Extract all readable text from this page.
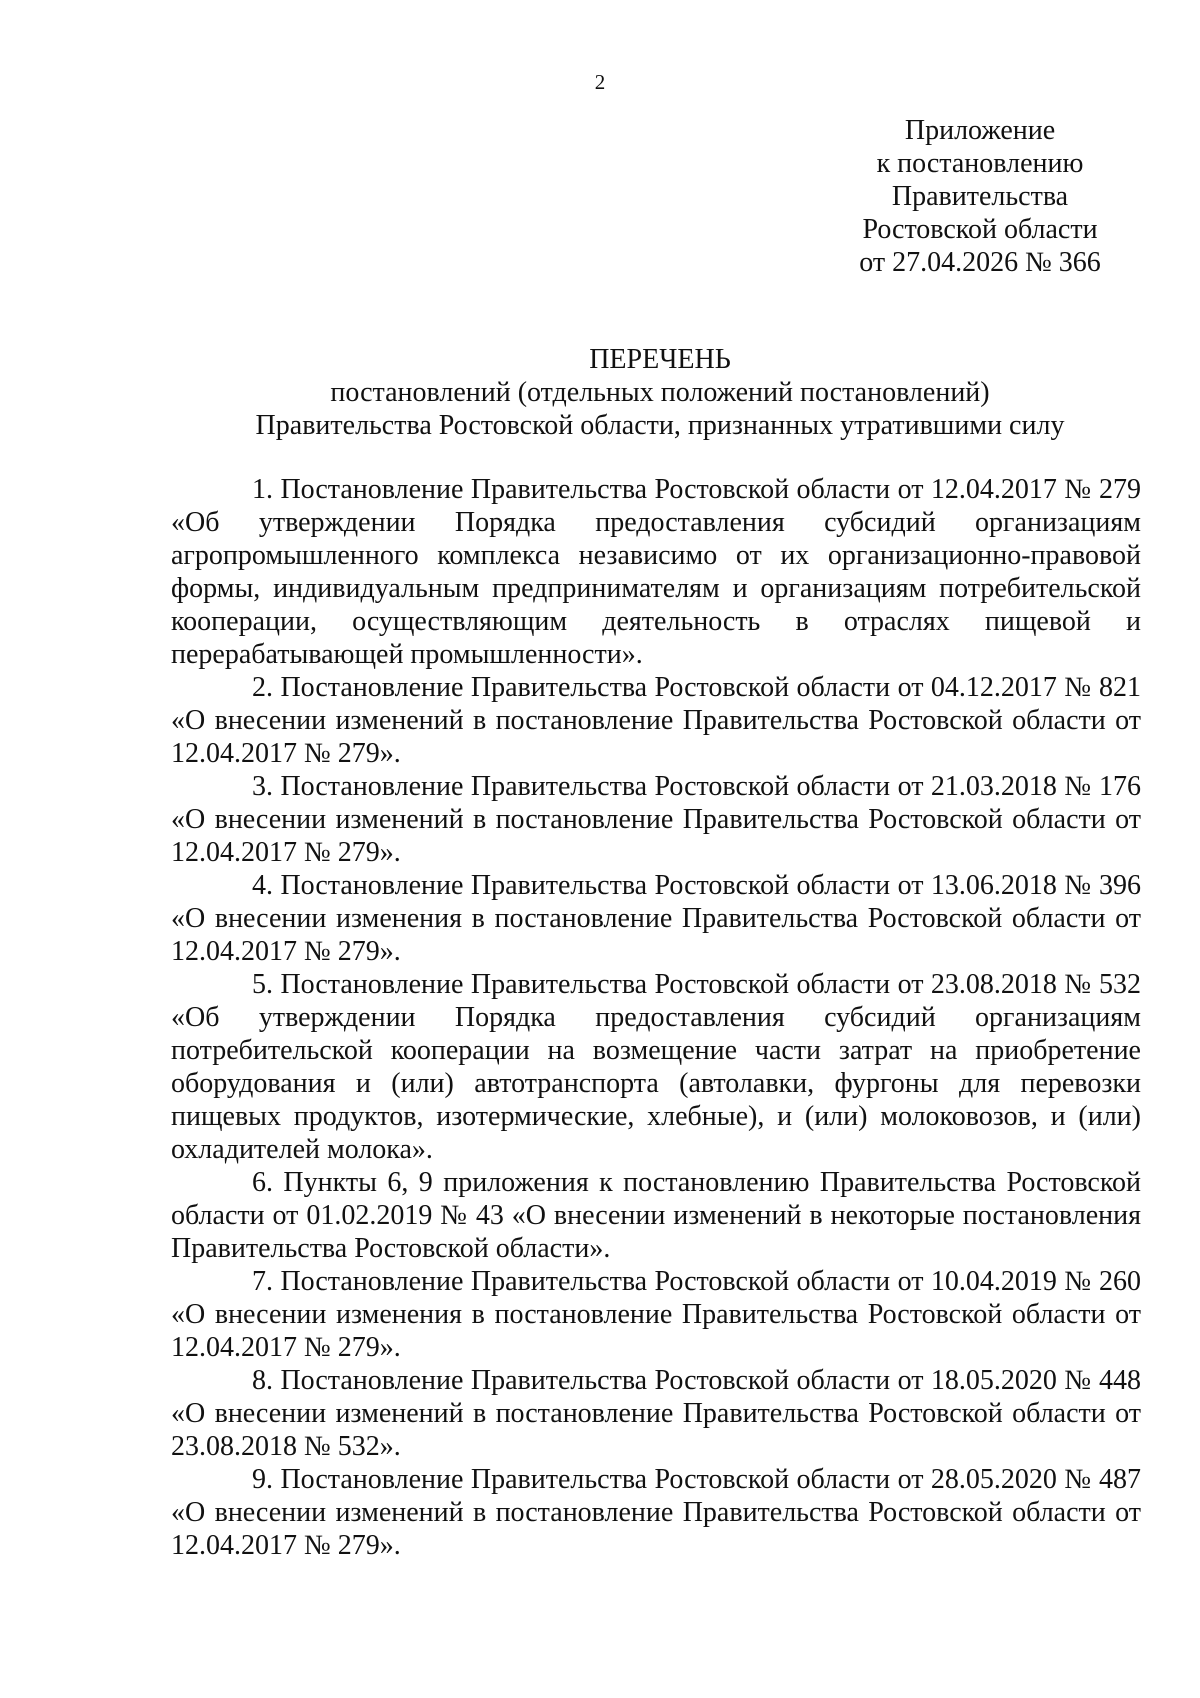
2
Приложение
к постановлению
Правительства
Ростовской области
от 27.04.2026 № 366
ПЕРЕЧЕНЬ
постановлений (отдельных положений постановлений)
Правительства Ростовской области, признанных утратившими силу

1. Постановление Правительства Ростовской области от 12.04.2017 № 279 «Об утверждении Порядка предоставления субсидий организациям агропромышленного комплекса независимо от их организационно-правовой формы, индивидуальным предпринимателям и организациям потребительской кооперации, осуществляющим деятельность в отраслях пищевой и перерабатывающей промышленности».

2. Постановление Правительства Ростовской области от 04.12.2017 № 821 «О внесении изменений в постановление Правительства Ростовской области от 12.04.2017 № 279».

3. Постановление Правительства Ростовской области от 21.03.2018 № 176 «О внесении изменений в постановление Правительства Ростовской области от 12.04.2017 № 279».

4. Постановление Правительства Ростовской области от 13.06.2018 № 396 «О внесении изменения в постановление Правительства Ростовской области от 12.04.2017 № 279».

5. Постановление Правительства Ростовской области от 23.08.2018 № 532 «Об утверждении Порядка предоставления субсидий организациям потребительской кооперации на возмещение части затрат на приобретение оборудования и (или) автотранспорта (автолавки, фургоны для перевозки пищевых продуктов, изотермические, хлебные), и (или) молоковозов, и (или) охладителей молока».

6. Пункты 6, 9 приложения к постановлению Правительства Ростовской области от 01.02.2019 № 43 «О внесении изменений в некоторые постановления Правительства Ростовской области».

7. Постановление Правительства Ростовской области от 10.04.2019 № 260 «О внесении изменения в постановление Правительства Ростовской области от 12.04.2017 № 279».

8. Постановление Правительства Ростовской области от 18.05.2020 № 448 «О внесении изменений в постановление Правительства Ростовской области от 23.08.2018 № 532».

9. Постановление Правительства Ростовской области от 28.05.2020 № 487 «О внесении изменений в постановление Правительства Ростовской области от 12.04.2017 № 279».
